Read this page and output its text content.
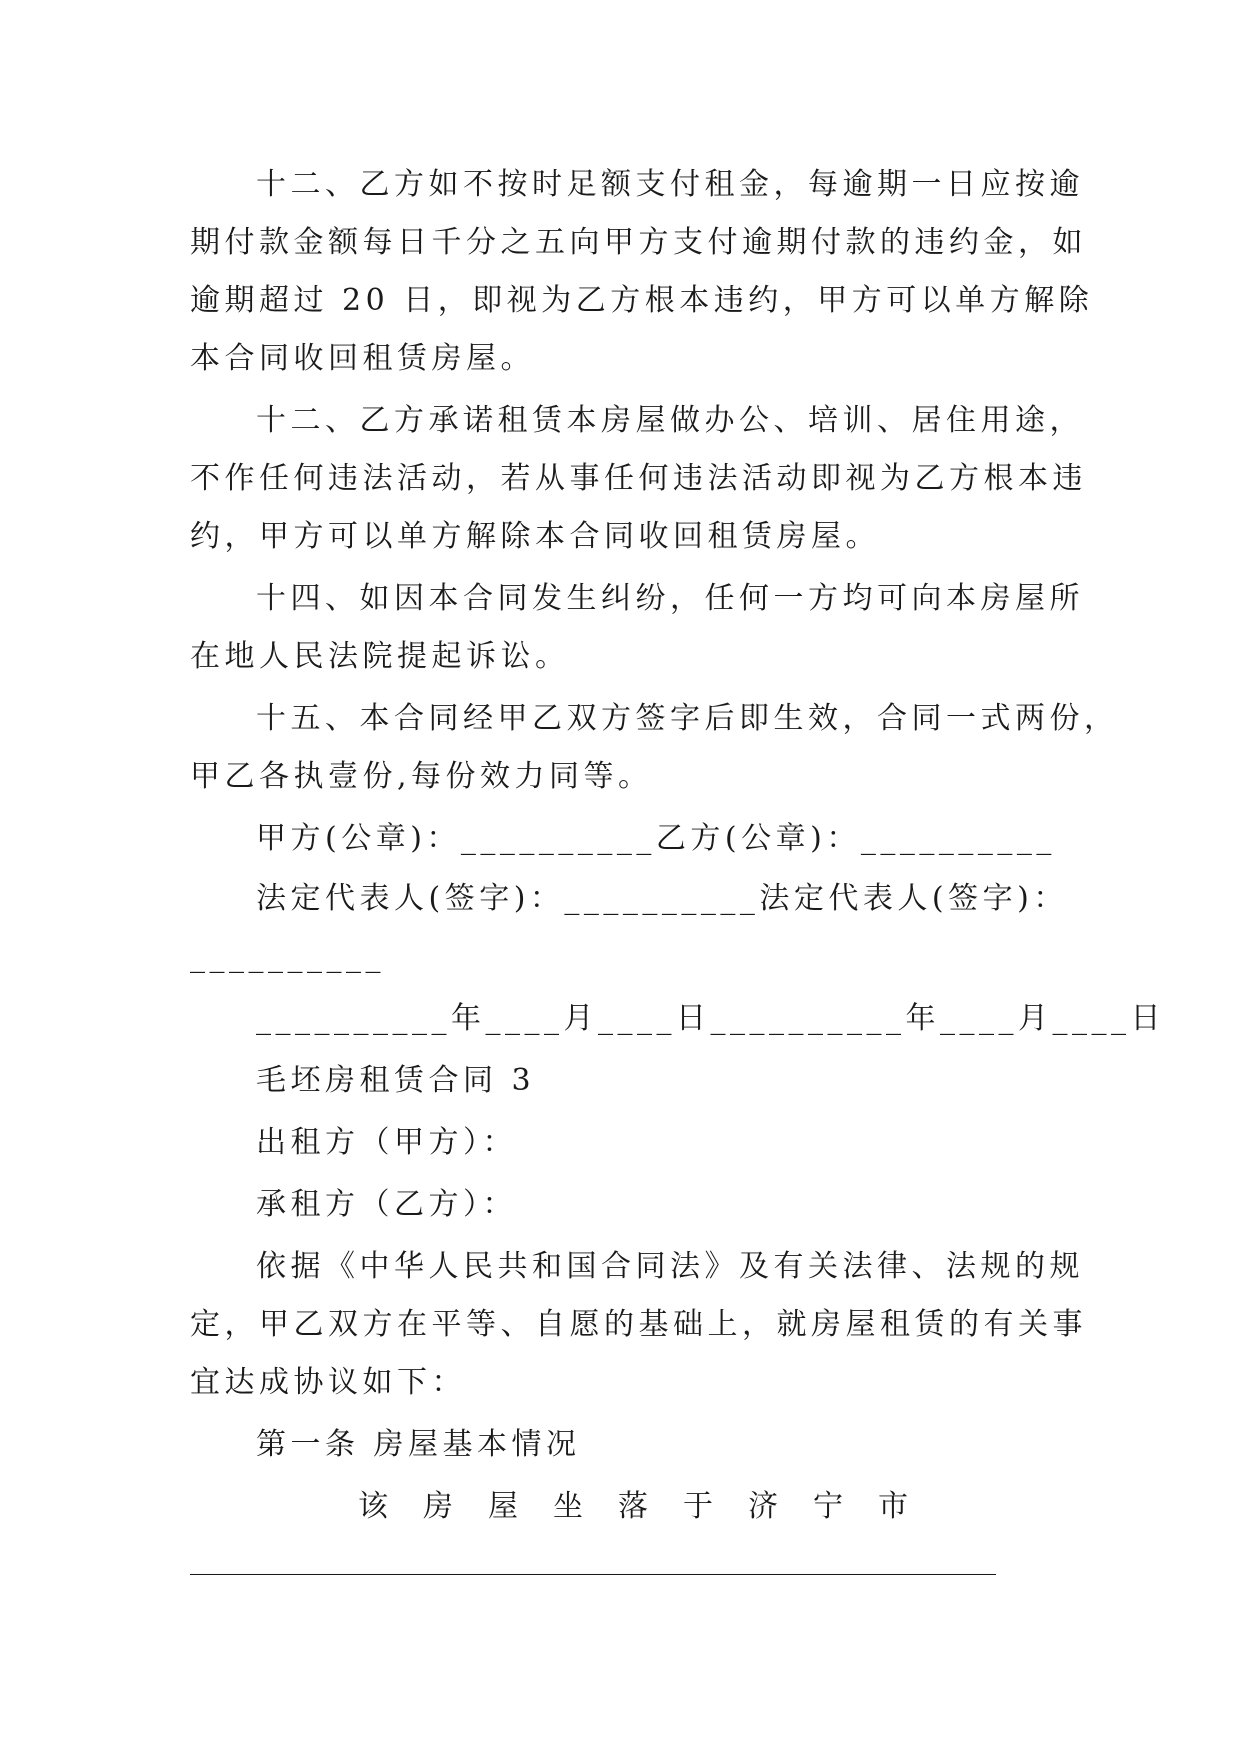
十二、乙方如不按时足额支付租金，每逾期一日应按逾
期付款金额每日千分之五向甲方支付逾期付款的违约金，如
逾期超过 20 日，即视为乙方根本违约，甲方可以单方解除
本合同收回租赁房屋。
十二、乙方承诺租赁本房屋做办公、培训、居住用途，
不作任何违法活动，若从事任何违法活动即视为乙方根本违
约，甲方可以单方解除本合同收回租赁房屋。
十四、如因本合同发生纠纷，任何一方均可向本房屋所
在地人民法院提起诉讼。
十五、本合同经甲乙双方签字后即生效，合同一式两份，
甲乙各执壹份,每份效力同等。
甲方(公章)：__________乙方(公章)：__________
法定代表人(签字)：__________法定代表人(签字)：
__________
__________年____月____日__________年____月____日
毛坯房租赁合同 3
出租方（甲方）：
承租方（乙方）：
依据《中华人民共和国合同法》及有关法律、法规的规
定，甲乙双方在平等、自愿的基础上，就房屋租赁的有关事
宜达成协议如下：
第一条 房屋基本情况
该房屋坐落于济宁市
______________________________________________________________
